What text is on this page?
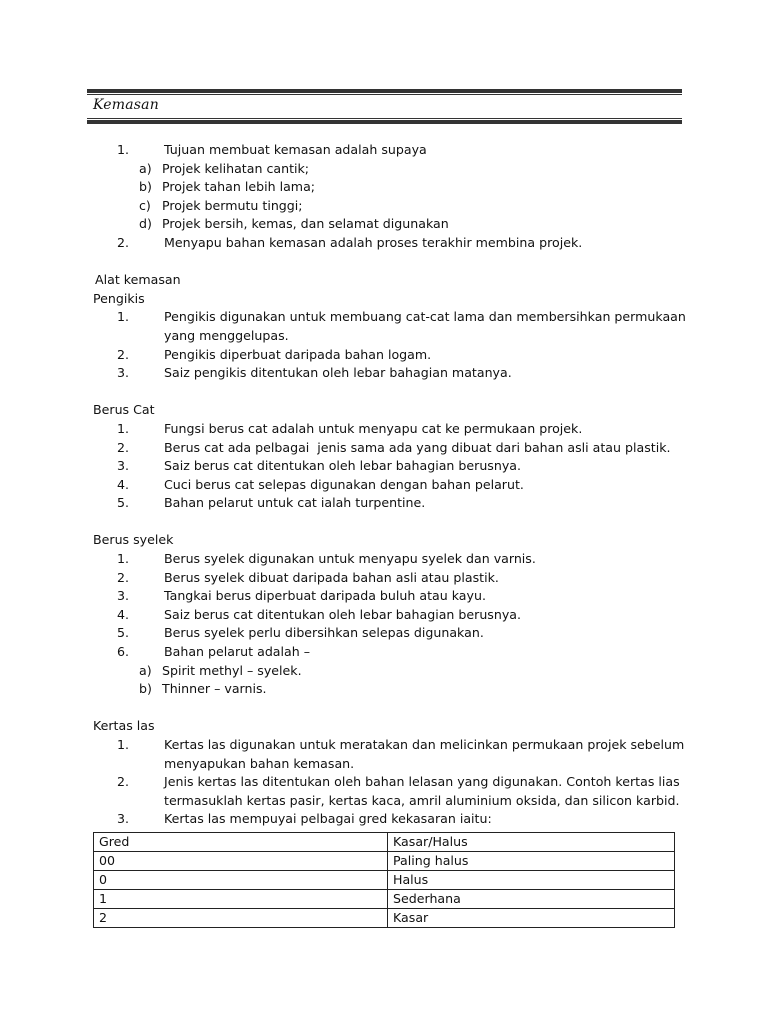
Kemasan
1.	Tujuan membuat kemasan adalah supaya
a) Projek kelihatan cantik;
b) Projek tahan lebih lama;
c) Projek bermutu tinggi;
d) Projek bersih, kemas, dan selamat digunakan
2.	Menyapu bahan kemasan adalah proses terakhir membina projek.
Alat kemasan
Pengikis
1.	Pengikis digunakan untuk membuang cat-cat lama dan membersihkan permukaan yang menggelupas.
2.	Pengikis diperbuat daripada bahan logam.
3.	Saiz pengikis ditentukan oleh lebar bahagian matanya.
Berus Cat
1.	Fungsi berus cat adalah untuk menyapu cat ke permukaan projek.
2.	Berus cat ada pelbagai  jenis sama ada yang dibuat dari bahan asli atau plastik.
3.	Saiz berus cat ditentukan oleh lebar bahagian berusnya.
4.	Cuci berus cat selepas digunakan dengan bahan pelarut.
5.	Bahan pelarut untuk cat ialah turpentine.
Berus syelek
1.	Berus syelek digunakan untuk menyapu syelek dan varnis.
2.	Berus syelek dibuat daripada bahan asli atau plastik.
3.	Tangkai berus diperbuat daripada buluh atau kayu.
4.	Saiz berus cat ditentukan oleh lebar bahagian berusnya.
5.	Berus syelek perlu dibersihkan selepas digunakan.
6.	Bahan pelarut adalah –
a) Spirit methyl – syelek.
b) Thinner – varnis.
Kertas las
1.	Kertas las digunakan untuk meratakan dan melicinkan permukaan projek sebelum menyapukan bahan kemasan.
2.	Jenis kertas las ditentukan oleh bahan lelasan yang digunakan. Contoh kertas lias termasuklah kertas pasir, kertas kaca, amril aluminium oksida, dan silicon karbid.
3.	Kertas las mempuyai pelbagai gred kekasaran iaitu:
Gred	Kasar/Halus
00	Paling halus
0	Halus
1	Sederhana
2	Kasar
